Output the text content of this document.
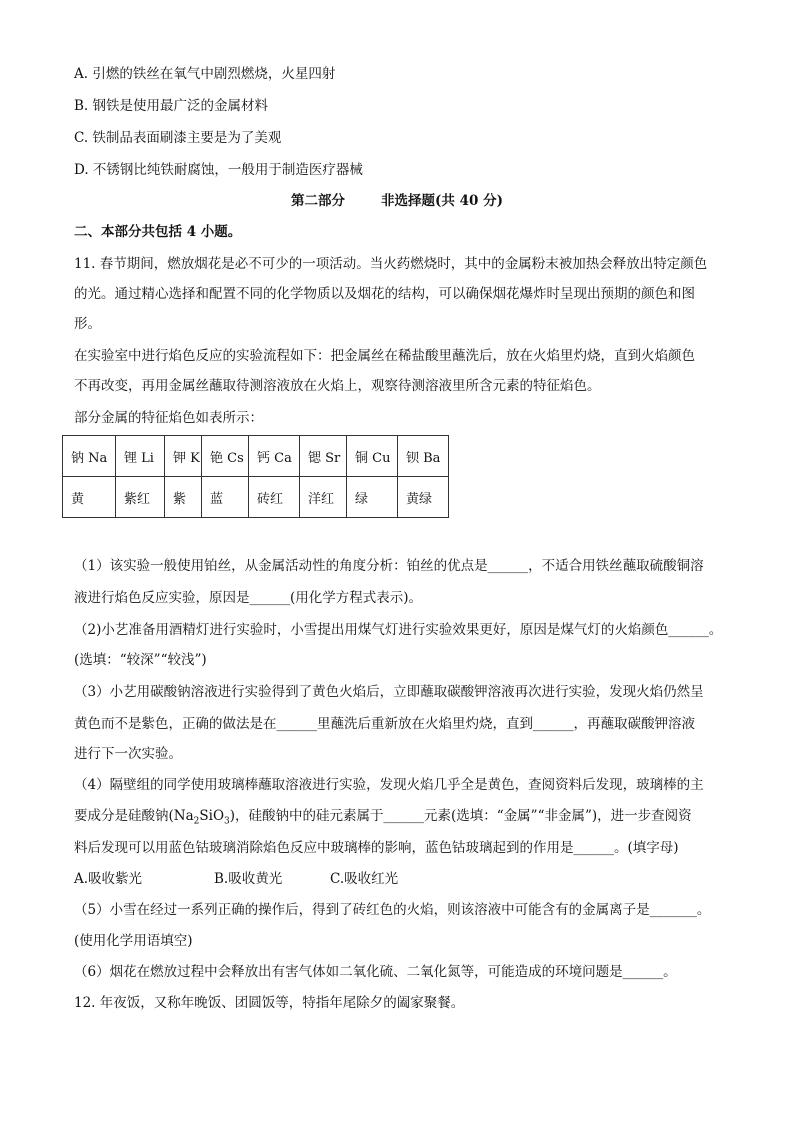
A. 引燃的铁丝在氧气中剧烈燃烧，火星四射
B. 钢铁是使用最广泛的金属材料
C. 铁制品表面刷漆主要是为了美观
D. 不锈钢比纯铁耐腐蚀，一般用于制造医疗器械
第二部分	非选择题(共 40 分)
二、本部分共包括 4 小题。
11. 春节期间，燃放烟花是必不可少的一项活动。当火药燃烧时，其中的金属粉末被加热会释放出特定颜色
的光。通过精心选择和配置不同的化学物质以及烟花的结构，可以确保烟花爆炸时呈现出预期的颜色和图
形。
在实验室中进行焰色反应的实验流程如下：把金属丝在稀盐酸里蘸洗后，放在火焰里灼烧，直到火焰颜色
不再改变，再用金属丝蘸取待测溶液放在火焰上，观察待测溶液里所含元素的特征焰色。
部分金属的特征焰色如表所示：
钠 Na	锂 Li	钾 K	铯 Cs	钙 Ca	锶 Sr	铜 Cu	钡 Ba
黄	紫红	紫	蓝	砖红	洋红	绿	黄绿
（1）该实验一般使用铂丝，从金属活动性的角度分析：铂丝的优点是______，不适合用铁丝蘸取硫酸铜溶
液进行焰色反应实验，原因是______(用化学方程式表示)。
（2)小艺准备用酒精灯进行实验时，小雪提出用煤气灯进行实验效果更好，原因是煤气灯的火焰颜色______。
(选填：“较深”“较浅”)
（3）小艺用碳酸钠溶液进行实验得到了黄色火焰后，立即蘸取碳酸钾溶液再次进行实验，发现火焰仍然呈
黄色而不是紫色，正确的做法是在______里蘸洗后重新放在火焰里灼烧，直到______，再蘸取碳酸钾溶液
进行下一次实验。
（4）隔壁组的同学使用玻璃棒蘸取溶液进行实验，发现火焰几乎全是黄色，查阅资料后发现，玻璃棒的主
要成分是硅酸钠$(Na_2SiO_3)$，硅酸钠中的硅元素属于______元素(选填：“金属”“非金属”)，进一步查阅资
料后发现可以用蓝色钴玻璃消除焰色反应中玻璃棒的影响，蓝色钴玻璃起到的作用是______。(填字母)
A.吸收紫光	B.吸收黄光	C.吸收红光
（5）小雪在经过一系列正确的操作后，得到了砖红色的火焰，则该溶液中可能含有的金属离子是_______。
(使用化学用语填空)
（6）烟花在燃放过程中会释放出有害气体如二氧化硫、二氧化氮等，可能造成的环境问题是______。
12. 年夜饭，又称年晚饭、团圆饭等，特指年尾除夕的阖家聚餐。
